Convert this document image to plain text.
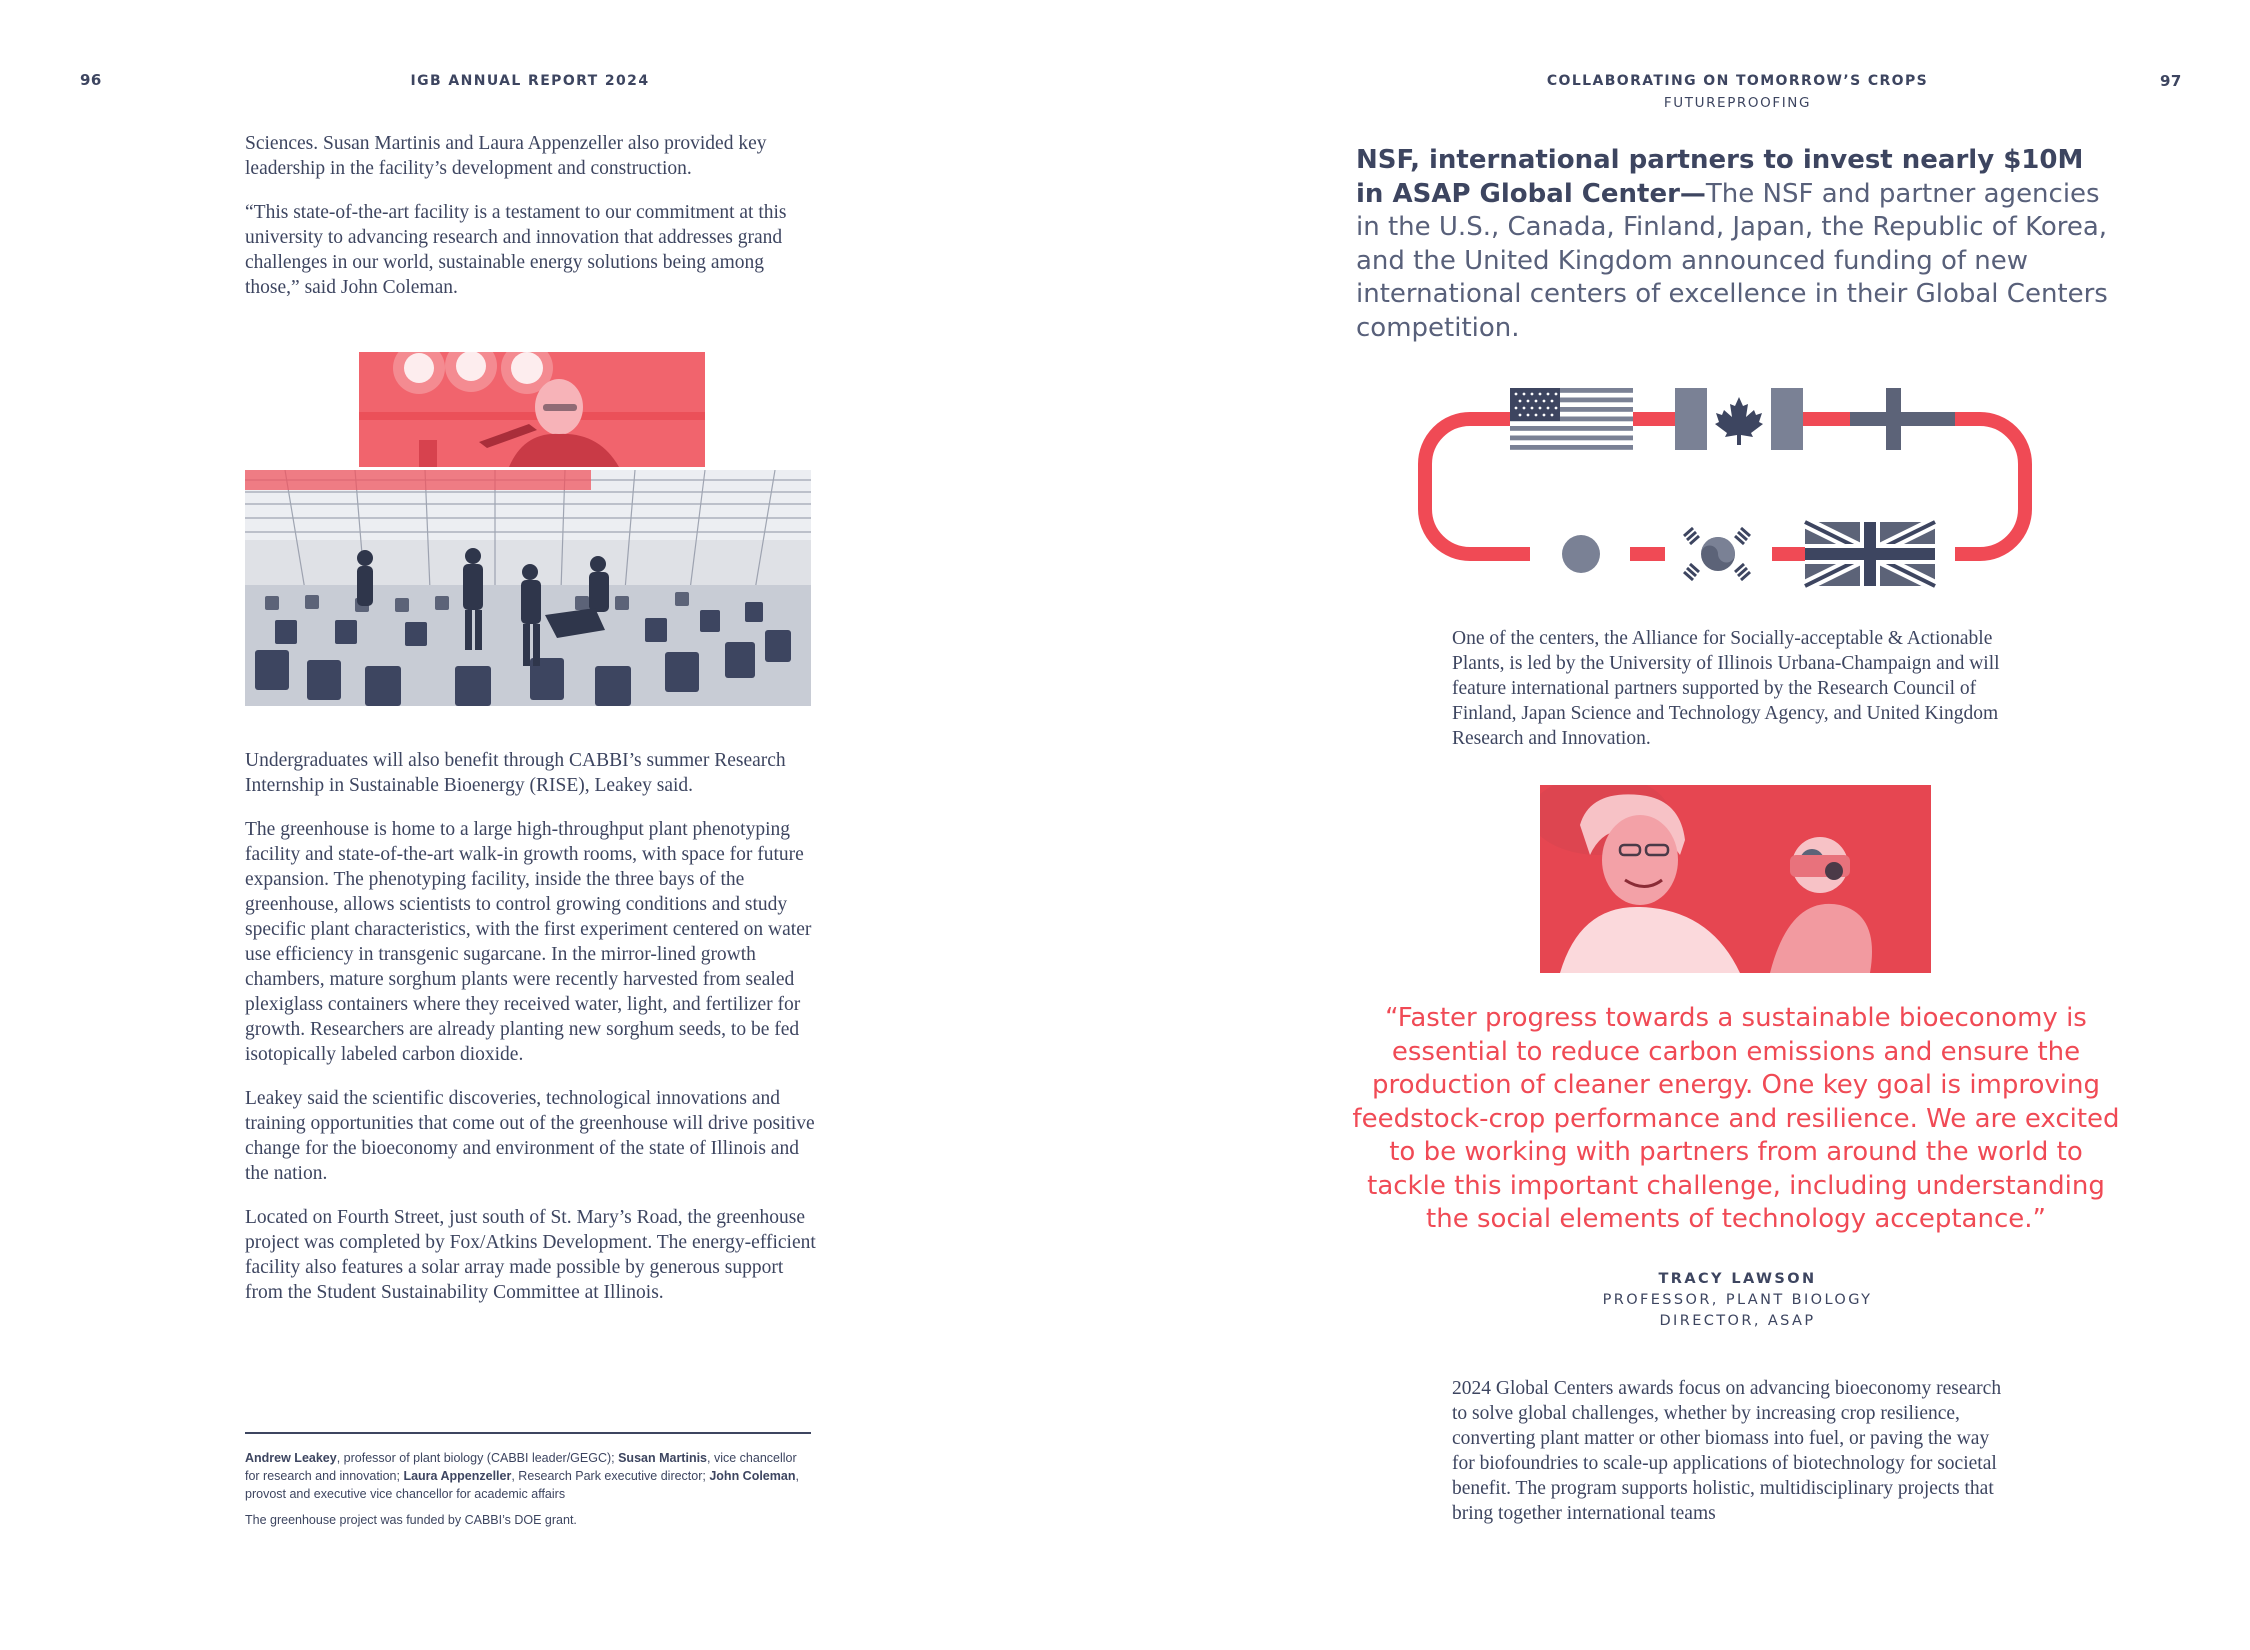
96	IGB ANNUAL REPORT 2024

Sciences. Susan Martinis and Laura Appenzeller also provided key leadership in the facility’s development and construction.

“This state-of-the-art facility is a testament to our commitment at this university to advancing research and innovation that addresses grand challenges in our world, sustainable energy solutions being among those,” said John Coleman.

Undergraduates will also benefit through CABBI’s summer Research Internship in Sustainable Bioenergy (RISE), Leakey said.

The greenhouse is home to a large high-throughput plant phenotyping facility and state-of-the-art walk-in growth rooms, with space for future expansion. The phenotyping facility, inside the three bays of the greenhouse, allows scientists to control growing conditions and study specific plant characteristics, with the first experiment centered on water use efficiency in transgenic sugarcane. In the mirror-lined growth chambers, mature sorghum plants were recently harvested from sealed plexiglass containers where they received water, light, and fertilizer for growth. Researchers are already planting new sorghum seeds, to be fed isotopically labeled carbon dioxide.

Leakey said the scientific discoveries, technological innovations and training opportunities that come out of the greenhouse will drive positive change for the bioeconomy and environment of the state of Illinois and the nation.

Located on Fourth Street, just south of St. Mary’s Road, the greenhouse project was completed by Fox/Atkins Development. The energy-efficient facility also features a solar array made possible by generous support from the Student Sustainability Committee at Illinois.

Andrew Leakey, professor of plant biology (CABBI leader/GEGC); Susan Martinis, vice chancellor for research and innovation; Laura Appenzeller, Research Park executive director; John Coleman, provost and executive vice chancellor for academic affairs
The greenhouse project was funded by CABBI’s DOE grant.
COLLABORATING ON TOMORROW’S CROPS
FUTUREPROOFING
97
NSF, international partners to invest nearly $10M in ASAP Global Center—The NSF and partner agencies in the U.S., Canada, Finland, Japan, the Republic of Korea, and the United Kingdom announced funding of new international centers of excellence in their Global Centers competition.
One of the centers, the Alliance for Socially-acceptable & Actionable Plants, is led by the University of Illinois Urbana-Champaign and will feature international partners supported by the Research Council of Finland, Japan Science and Technology Agency, and United Kingdom Research and Innovation.
“Faster progress towards a sustainable bioeconomy is essential to reduce carbon emissions and ensure the production of cleaner energy. One key goal is improving feedstock-crop performance and resilience. We are excited to be working with partners from around the world to tackle this important challenge, including understanding the social elements of technology acceptance.”
TRACY LAWSON
PROFESSOR, PLANT BIOLOGY
DIRECTOR, ASAP
2024 Global Centers awards focus on advancing bioeconomy research to solve global challenges, whether by increasing crop resilience, converting plant matter or other biomass into fuel, or paving the way for biofoundries to scale-up applications of biotechnology for societal benefit. The program supports holistic, multidisciplinary projects that bring together international teams
